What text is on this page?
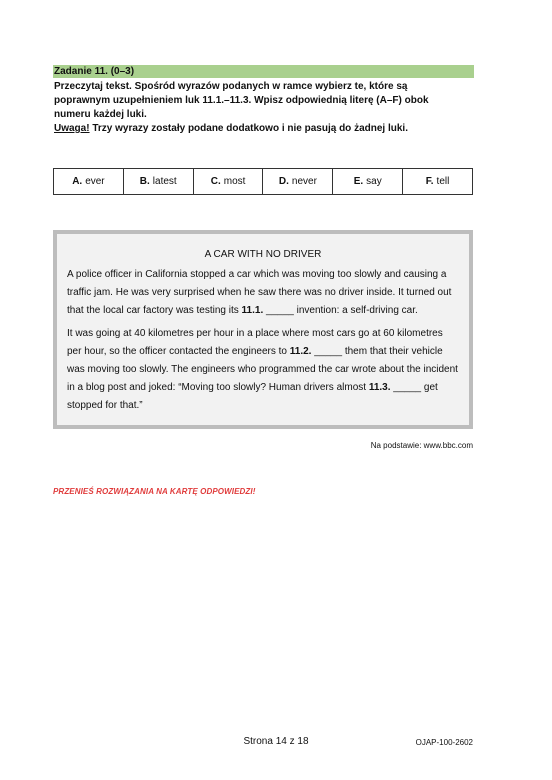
Zadanie 11. (0–3)
Przeczytaj tekst. Spośród wyrazów podanych w ramce wybierz te, które są
poprawnym uzupełnieniem luk 11.1.–11.3. Wpisz odpowiednią literę (A–F) obok
numeru każdej luki.
Uwaga! Trzy wyrazy zostały podane dodatkowo i nie pasują do żadnej luki.
A. ever	B. latest	C. most	D. never	E. say	F. tell
A CAR WITH NO DRIVER

A police officer in California stopped a car which was moving too slowly and causing a traffic jam. He was very surprised when he saw there was no driver inside. It turned out that the local car factory was testing its 11.1. _____ invention: a self-driving car.

It was going at 40 kilometres per hour in a place where most cars go at 60 kilometres per hour, so the officer contacted the engineers to 11.2. _____ them that their vehicle was moving too slowly. The engineers who programmed the car wrote about the incident in a blog post and joked: “Moving too slowly? Human drivers almost 11.3. _____ get stopped for that.”

Na podstawie: www.bbc.com
PRZENIEŚ ROZWIĄZANIA NA KARTĘ ODPOWIEDZI!
Strona 14 z 18	OJAP-100-2602
